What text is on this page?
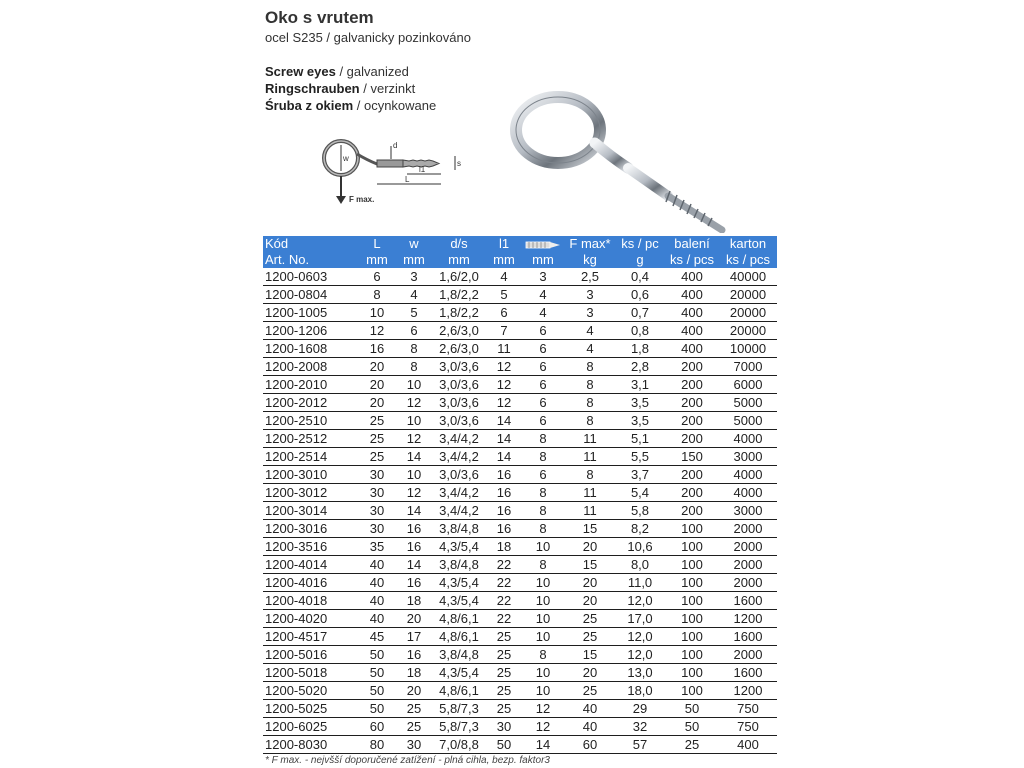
Oko s vrutem
ocel S235 / galvanicky pozinkováno
Screw eyes / galvanized
Ringschrauben / verzinkt
Śruba z okiem / ocynkowane
w
d
s
l1
L
F max.
Kód	L	w	d/s	l1		F max*	ks / pc	balení	karton
Art. No.	mm	mm	mm	mm	mm	kg	g	ks / pcs	ks / pcs
1200-0603	6	3	1,6/2,0	4	3	2,5	0,4	400	40000
1200-0804	8	4	1,8/2,2	5	4	3	0,6	400	20000
1200-1005	10	5	1,8/2,2	6	4	3	0,7	400	20000
1200-1206	12	6	2,6/3,0	7	6	4	0,8	400	20000
1200-1608	16	8	2,6/3,0	11	6	4	1,8	400	10000
1200-2008	20	8	3,0/3,6	12	6	8	2,8	200	7000
1200-2010	20	10	3,0/3,6	12	6	8	3,1	200	6000
1200-2012	20	12	3,0/3,6	12	6	8	3,5	200	5000
1200-2510	25	10	3,0/3,6	14	6	8	3,5	200	5000
1200-2512	25	12	3,4/4,2	14	8	11	5,1	200	4000
1200-2514	25	14	3,4/4,2	14	8	11	5,5	150	3000
1200-3010	30	10	3,0/3,6	16	6	8	3,7	200	4000
1200-3012	30	12	3,4/4,2	16	8	11	5,4	200	4000
1200-3014	30	14	3,4/4,2	16	8	11	5,8	200	3000
1200-3016	30	16	3,8/4,8	16	8	15	8,2	100	2000
1200-3516	35	16	4,3/5,4	18	10	20	10,6	100	2000
1200-4014	40	14	3,8/4,8	22	8	15	8,0	100	2000
1200-4016	40	16	4,3/5,4	22	10	20	11,0	100	2000
1200-4018	40	18	4,3/5,4	22	10	20	12,0	100	1600
1200-4020	40	20	4,8/6,1	22	10	25	17,0	100	1200
1200-4517	45	17	4,8/6,1	25	10	25	12,0	100	1600
1200-5016	50	16	3,8/4,8	25	8	15	12,0	100	2000
1200-5018	50	18	4,3/5,4	25	10	20	13,0	100	1600
1200-5020	50	20	4,8/6,1	25	10	25	18,0	100	1200
1200-5025	50	25	5,8/7,3	25	12	40	29	50	750
1200-6025	60	25	5,8/7,3	30	12	40	32	50	750
1200-8030	80	30	7,0/8,8	50	14	60	57	25	400
* F max. - nejvšší doporučené zatížení - plná cihla, bezp. faktor3
